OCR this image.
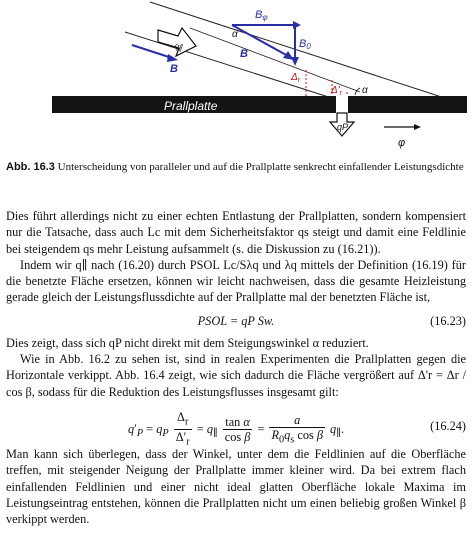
q∥
Prallplatte
qP
φ
Bφ
B0
B
B
α
α
$\Delta_r$
$\Delta'_r$
Abb. 16.3 Unterscheidung von paralleler und auf die Prallplatte senkrecht einfallender Leistungsdichte

Dies führt allerdings nicht zu einer echten Entlastung der Prallplatten, sondern kompensiert nur die Tatsache, dass auch Lc mit dem Sicherheitsfaktor qs steigt und damit eine Feldlinie bei steigendem qs mehr Leistung aufsammelt (s. die Diskussion zu (16.21)).

Indem wir q∥ nach (16.20) durch PSOL Lc/Sλq und λq mittels der Definition (16.19) für die benetzte Fläche ersetzen, können wir leicht nachweisen, dass die gesamte Heizleistung gerade gleich der Leistungsflussdichte auf der Prallplatte mal der benetzten Fläche ist,

PSOL = qP Sw.	(16.23)

Dies zeigt, dass sich qP nicht direkt mit dem Steigungswinkel α reduziert.

Wie in Abb. 16.2 zu sehen ist, sind in realen Experimenten die Prallplatten gegen die Horizontale verkippt. Abb. 16.4 zeigt, wie sich dadurch die Fläche vergrößert auf Δ'r = Δr / cos β, sodass für die Reduktion des Leistungsflusses insgesamt gilt:

$q'_P = q_P \frac{\Delta_r}{\Delta'_r} = q_\parallel \frac{\text{tan α}}{\text{cos β}} = \frac{a}{R_0q_s \cos \beta} q_\parallel$.	(16.24)

Man kann sich überlegen, dass der Winkel, unter dem die Feldlinien auf die Oberfläche treffen, mit steigender Neigung der Prallplatte immer kleiner wird. Da bei extrem flach einfallenden Feldlinien und einer nicht ideal glatten Oberfläche lokale Maxima im Leistungseintrag entstehen, können die Prallplatten nicht um einen beliebig großen Winkel β verkippt werden.
